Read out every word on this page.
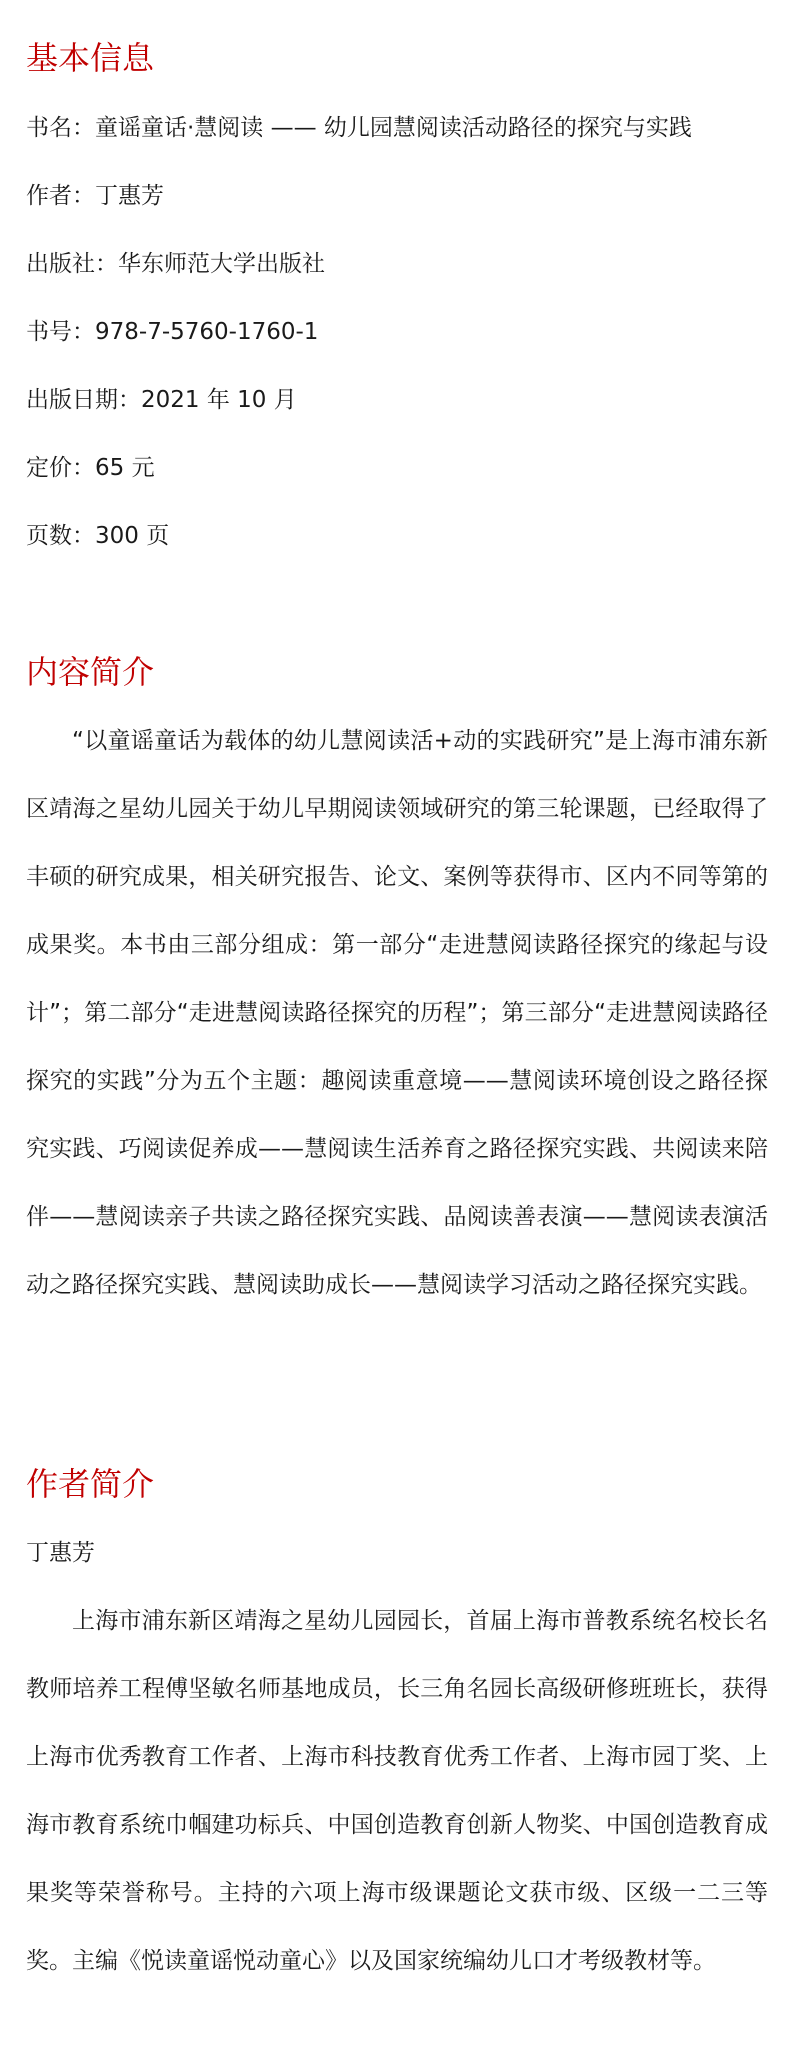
基本信息

书名：童谣童话·慧阅读 —— 幼儿园慧阅读活动路径的探究与实践

作者：丁惠芳

出版社：华东师范大学出版社

书号：978-7-5760-1760-1

出版日期：2021 年 10 月

定价：65 元

页数：300 页

内容简介

“以童谣童话为载体的幼儿慧阅读活+动的实践研究”是上海市浦东新区靖海之星幼儿园关于幼儿早期阅读领域研究的第三轮课题，已经取得了丰硕的研究成果，相关研究报告、论文、案例等获得市、区内不同等第的成果奖。本书由三部分组成：第一部分“走进慧阅读路径探究的缘起与设计”；第二部分“走进慧阅读路径探究的历程”；第三部分“走进慧阅读路径探究的实践”分为五个主题：趣阅读重意境——慧阅读环境创设之路径探究实践、巧阅读促养成——慧阅读生活养育之路径探究实践、共阅读来陪伴——慧阅读亲子共读之路径探究实践、品阅读善表演——慧阅读表演活动之路径探究实践、慧阅读助成长——慧阅读学习活动之路径探究实践。

作者简介

丁惠芳

上海市浦东新区靖海之星幼儿园园长，首届上海市普教系统名校长名教师培养工程傅坚敏名师基地成员，长三角名园长高级研修班班长，获得上海市优秀教育工作者、上海市科技教育优秀工作者、上海市园丁奖、上海市教育系统巾帼建功标兵、中国创造教育创新人物奖、中国创造教育成果奖等荣誉称号。主持的六项上海市级课题论文获市级、区级一二三等奖。主编《悦读童谣悦动童心》以及国家统编幼儿口才考级教材等。
